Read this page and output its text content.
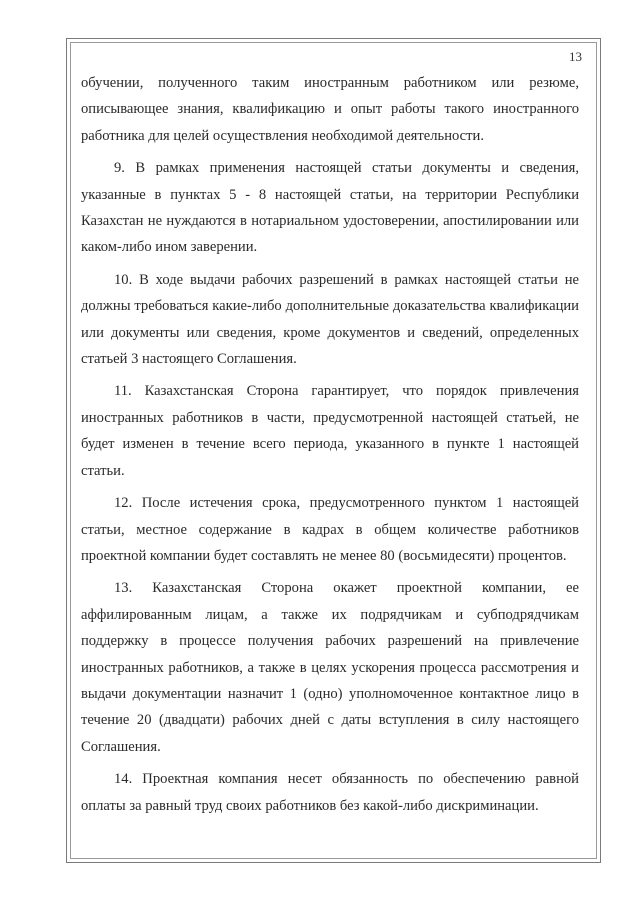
13

обучении, полученного таким иностранным работником или резюме, описывающее знания, квалификацию и опыт работы такого иностранного работника для целей осуществления необходимой деятельности.

9. В рамках применения настоящей статьи документы и сведения, указанные в пунктах 5 - 8 настоящей статьи, на территории Республики Казахстан не нуждаются в нотариальном удостоверении, апостилировании или каком-либо ином заверении.

10. В ходе выдачи рабочих разрешений в рамках настоящей статьи не должны требоваться какие-либо дополнительные доказательства квалификации или документы или сведения, кроме документов и сведений, определенных статьей 3 настоящего Соглашения.

11. Казахстанская Сторона гарантирует, что порядок привлечения иностранных работников в части, предусмотренной настоящей статьей, не будет изменен в течение всего периода, указанного в пункте 1 настоящей статьи.

12. После истечения срока, предусмотренного пунктом 1 настоящей статьи, местное содержание в кадрах в общем количестве работников проектной компании будет составлять не менее 80 (восьмидесяти) процентов.

13. Казахстанская Сторона окажет проектной компании, ее аффилированным лицам, а также их подрядчикам и субподрядчикам поддержку в процессе получения рабочих разрешений на привлечение иностранных работников, а также в целях ускорения процесса рассмотрения и выдачи документации назначит 1 (одно) уполномоченное контактное лицо в течение 20 (двадцати) рабочих дней с даты вступления в силу настоящего Соглашения.

14. Проектная компания несет обязанность по обеспечению равной оплаты за равный труд своих работников без какой-либо дискриминации.
